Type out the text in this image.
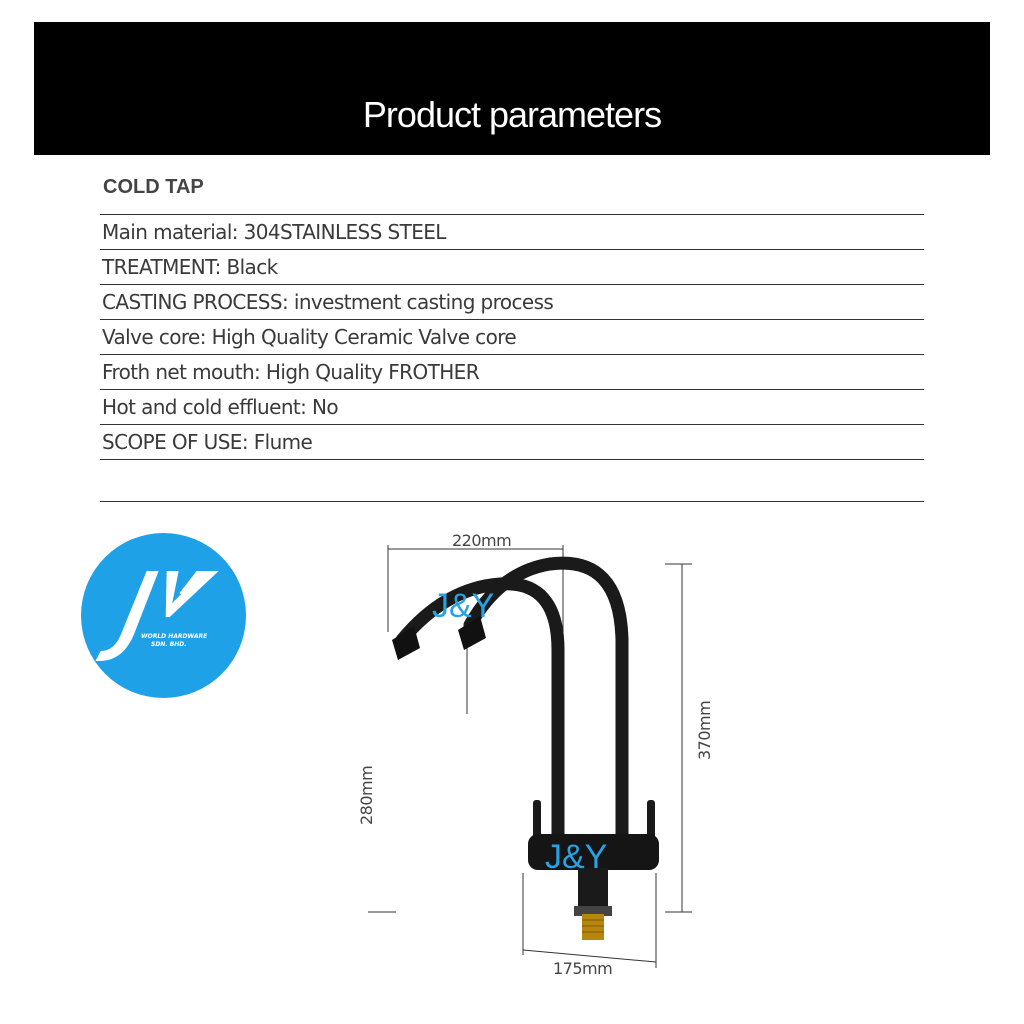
Product parameters
COLD TAP
Main material: 304STAINLESS STEEL
TREATMENT: Black
CASTING PROCESS: investment casting process
Valve core: High Quality Ceramic Valve core
Froth net mouth: High Quality FROTHER
Hot and cold effluent: No
SCOPE OF USE: Flume
WORLD HARDWARE
SDN. BHD.
220mm
370mm
280mm
175mm
J&Y
J&Y
